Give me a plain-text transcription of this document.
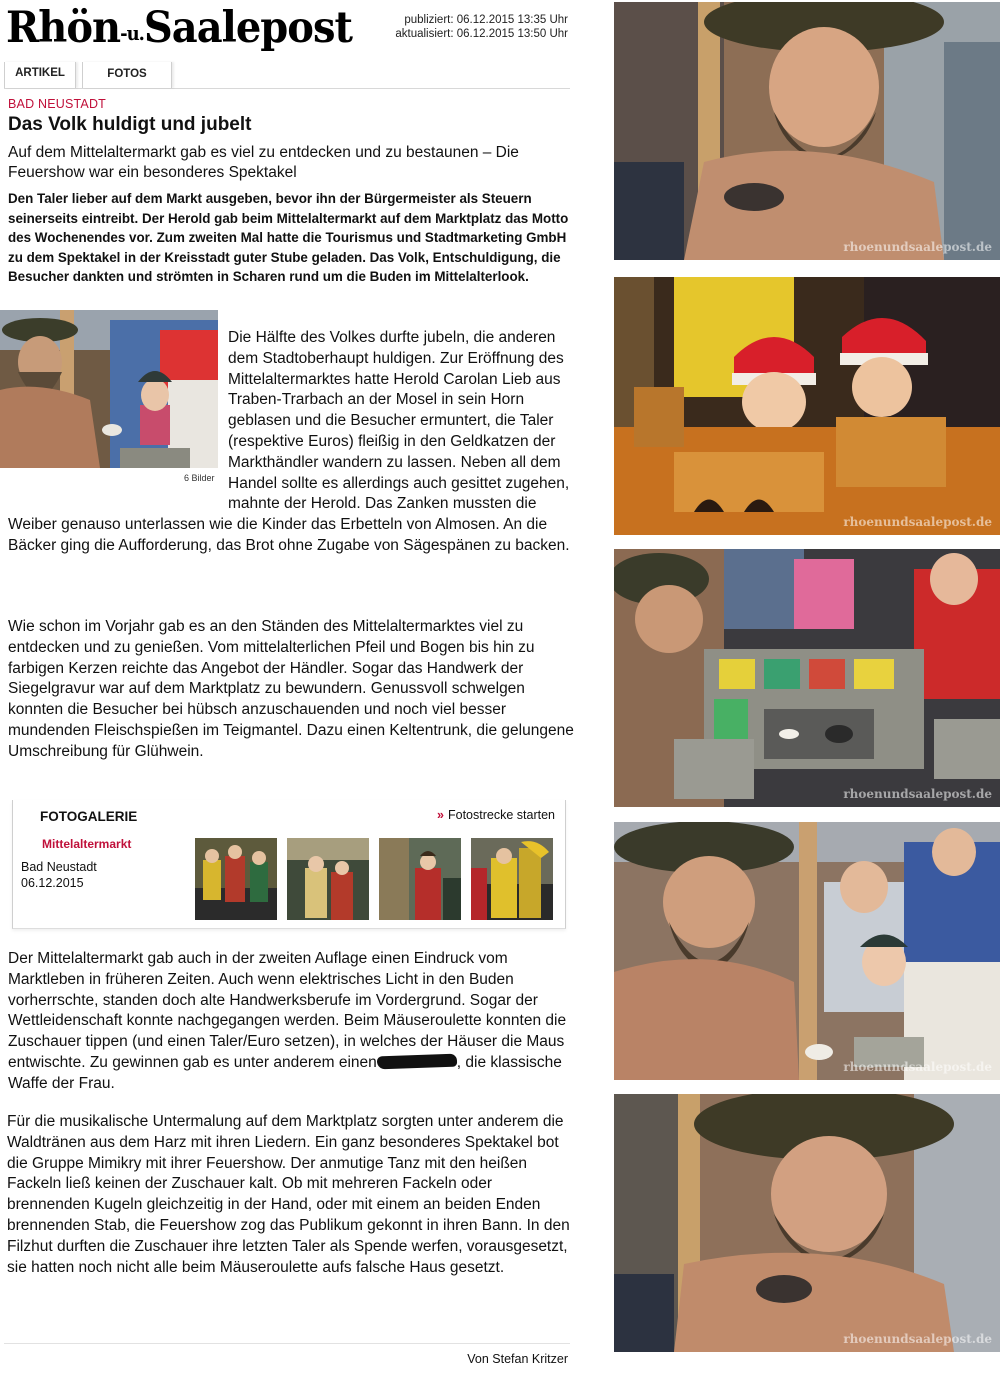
Rhön-u.Saalepost	publiziert: 06.12.2015 13:35 Uhr
aktualisiert: 06.12.2015 13:50 Uhr
ARTIKEL	FOTOS
BAD NEUSTADT
Das Volk huldigt und jubelt
Auf dem Mittelaltermarkt gab es viel zu entdecken und zu bestaunen – Die Feuershow war ein besonderes Spektakel
Den Taler lieber auf dem Markt ausgeben, bevor ihn der Bürgermeister als Steuern seinerseits eintreibt. Der Herold gab beim Mittelaltermarkt auf dem Marktplatz das Motto des Wochenendes vor. Zum zweiten Mal hatte die Tourismus und Stadtmarketing GmbH zu dem Spektakel in der Kreisstadt guter Stube geladen. Das Volk, Entschuldigung, die Besucher dankten und strömten in Scharen rund um die Buden im Mittelalterlook.
6 Bilder
Die Hälfte des Volkes durfte jubeln, die anderen dem Stadtoberhaupt huldigen. Zur Eröffnung des Mittelaltermarktes hatte Herold Carolan Lieb aus Traben-Trarbach an der Mosel in sein Horn geblasen und die Besucher ermuntert, die Taler (respektive Euros) fleißig in den Geldkatzen der Markthändler wandern zu lassen. Neben all dem Handel sollte es allerdings auch gesittet zugehen, mahnte der Herold. Das Zanken mussten die Weiber genauso unterlassen wie die Kinder das Erbetteln von Almosen. An die Bäcker ging die Aufforderung, das Brot ohne Zugabe von Sägespänen zu backen.

Wie schon im Vorjahr gab es an den Ständen des Mittelaltermarktes viel zu entdecken und zu genießen. Vom mittelalterlichen Pfeil und Bogen bis hin zu farbigen Kerzen reichte das Angebot der Händler. Sogar das Handwerk der Siegelgravur war auf dem Marktplatz zu bewundern. Genussvoll schwelgen konnten die Besucher bei hübsch anzuschauenden und noch viel besser mundenden Fleischspießen im Teigmantel. Dazu einen Keltentrunk, die gelungene Umschreibung für Glühwein.

FOTOGALERIE	» Fotostrecke starten
Mittelaltermarkt
Bad Neustadt
06.12.2015

Der Mittelaltermarkt gab auch in der zweiten Auflage einen Eindruck vom Marktleben in früheren Zeiten. Auch wenn elektrisches Licht in den Buden vorherrschte, standen doch alte Handwerksberufe im Vordergrund. Sogar der Wettleidenschaft konnte nachgegangen werden. Beim Mäuseroulette konnten die Zuschauer tippen (und einen Taler/Euro setzen), in welches der Häuser die Maus entwischte. Zu gewinnen gab es unter anderem einen	, die klassische Waffe der Frau.

Für die musikalische Untermalung auf dem Marktplatz sorgten unter anderem die Waldtränen aus dem Harz mit ihren Liedern. Ein ganz besonderes Spektakel bot die Gruppe Mimikry mit ihrer Feuershow. Der anmutige Tanz mit den heißen Fackeln ließ keinen der Zuschauer kalt. Ob mit mehreren Fackeln oder brennenden Kugeln gleichzeitig in der Hand, oder mit einem an beiden Enden brennenden Stab, die Feuershow zog das Publikum gekonnt in ihren Bann. In den Filzhut durften die Zuschauer ihre letzten Taler als Spende werfen, vorausgesetzt, sie hatten noch nicht alle beim Mäuseroulette aufs falsche Haus gesetzt.

Von Stefan Kritzer
rhoenundsaalepost.de
rhoenundsaalepost.de
rhoenundsaalepost.de
rhoenundsaalepost.de
rhoenundsaalepost.de
